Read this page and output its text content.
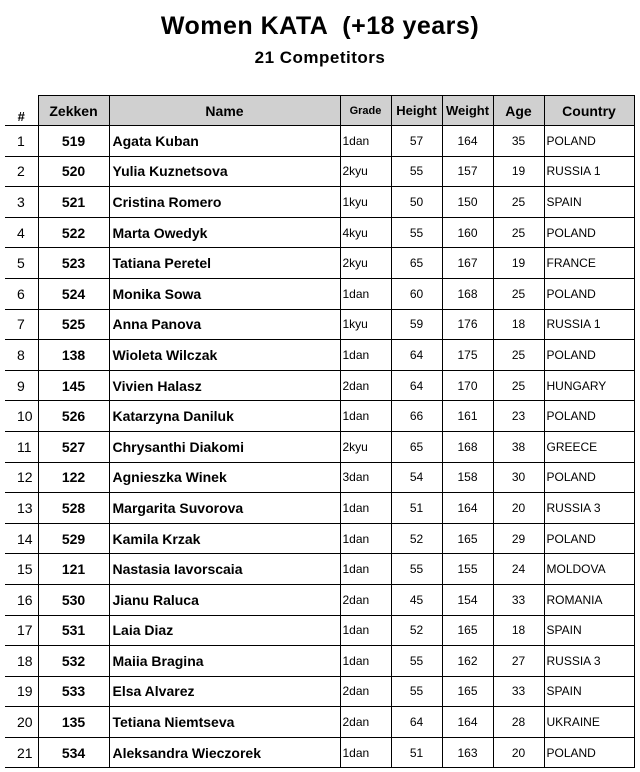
Women KATA  (+18 years)
21 Competitors
#	Zekken	Name	Grade	Height	Weight	Age	Country
1	519	Agata Kuban	1dan	57	164	35	POLAND
2	520	Yulia Kuznetsova	2kyu	55	157	19	RUSSIA 1
3	521	Cristina Romero	1kyu	50	150	25	SPAIN
4	522	Marta Owedyk	4kyu	55	160	25	POLAND
5	523	Tatiana Peretel	2kyu	65	167	19	FRANCE
6	524	Monika Sowa	1dan	60	168	25	POLAND
7	525	Anna Panova	1kyu	59	176	18	RUSSIA 1
8	138	Wioleta Wilczak	1dan	64	175	25	POLAND
9	145	Vivien Halasz	2dan	64	170	25	HUNGARY
10	526	Katarzyna Daniluk	1dan	66	161	23	POLAND
11	527	Chrysanthi Diakomi	2kyu	65	168	38	GREECE
12	122	Agnieszka Winek	3dan	54	158	30	POLAND
13	528	Margarita Suvorova	1dan	51	164	20	RUSSIA 3
14	529	Kamila Krzak	1dan	52	165	29	POLAND
15	121	Nastasia Iavorscaia	1dan	55	155	24	MOLDOVA
16	530	Jianu Raluca	2dan	45	154	33	ROMANIA
17	531	Laia Diaz	1dan	52	165	18	SPAIN
18	532	Maiia Bragina	1dan	55	162	27	RUSSIA 3
19	533	Elsa Alvarez	2dan	55	165	33	SPAIN
20	135	Tetiana Niemtseva	2dan	64	164	28	UKRAINE
21	534	Aleksandra Wieczorek	1dan	51	163	20	POLAND
